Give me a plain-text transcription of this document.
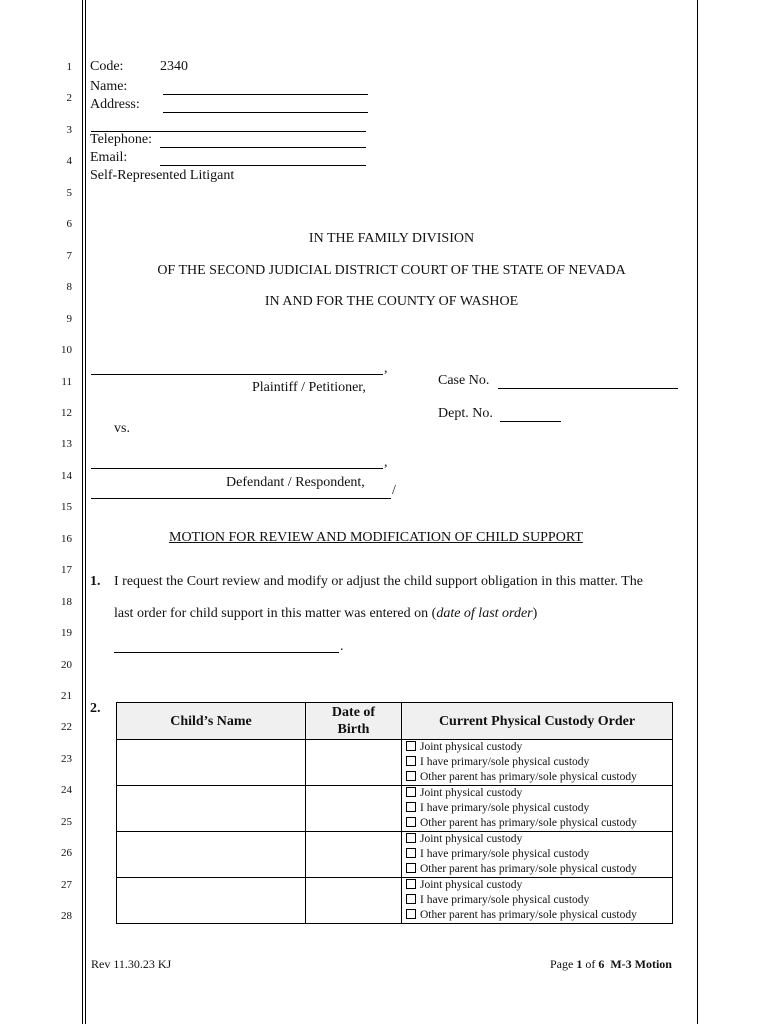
1
2
3
4
5
6
7
8
9
10
11
12
13
14
15
16
17
18
19
20
21
22
23
24
25
26
27
28
Code:	2340
Name:
Address:
Telephone:
Email:
Self-Represented Litigant
IN THE FAMILY DIVISION
OF THE SECOND JUDICIAL DISTRICT COURT OF THE STATE OF NEVADA
IN AND FOR THE COUNTY OF WASHOE
,
Plaintiff / Petitioner,	Case No.
Dept. No.
vs.
,
Defendant / Respondent,
/
MOTION FOR REVIEW AND MODIFICATION OF CHILD SUPPORT
1. I request the Court review and modify or adjust the child support obligation in this matter. The
last order for child support in this matter was entered on (date of last order)
.
2.
Child’s Name	Date of Birth	Current Physical Custody Order

		Joint physical custody
I have primary/sole physical custody
Other parent has primary/sole physical custody

		Joint physical custody
I have primary/sole physical custody
Other parent has primary/sole physical custody

		Joint physical custody
I have primary/sole physical custody
Other parent has primary/sole physical custody

		Joint physical custody
I have primary/sole physical custody
Other parent has primary/sole physical custody
Rev 11.30.23 KJ	Page 1 of 6 M-3 Motion
